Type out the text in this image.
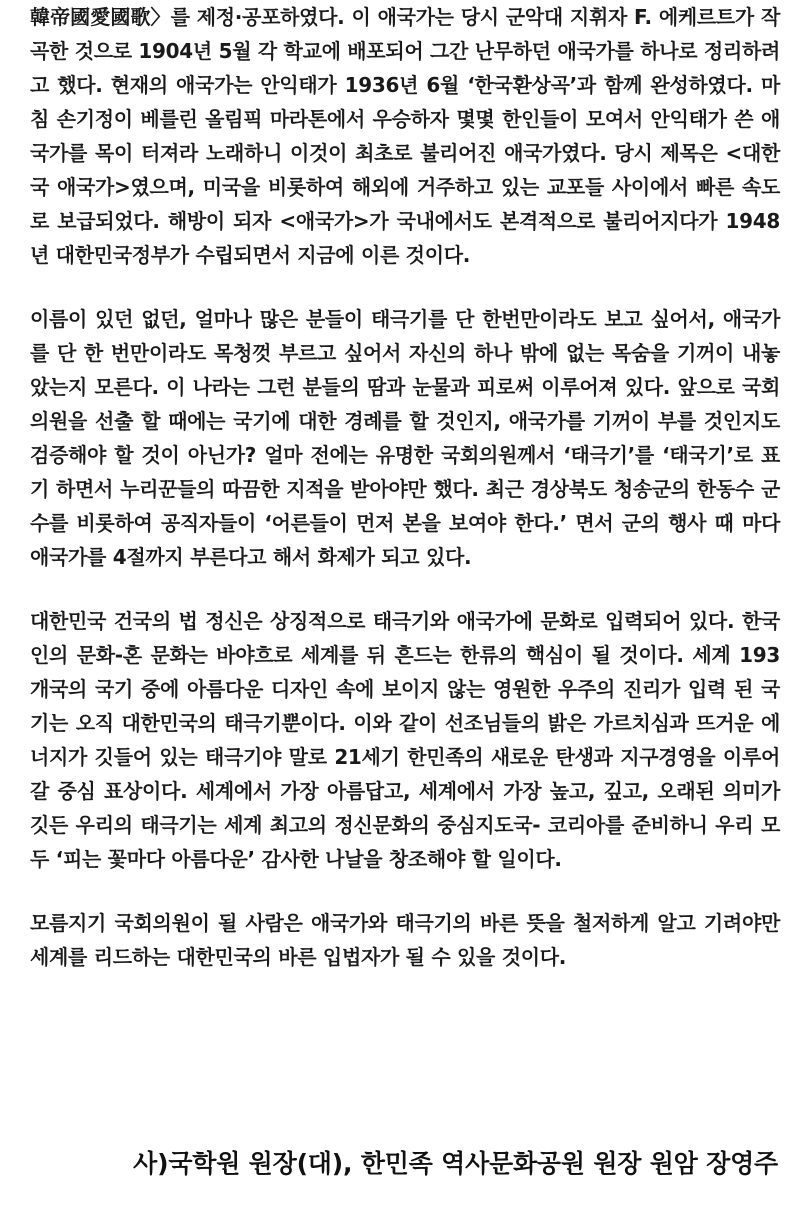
韓帝國愛國歌〉를 제정·공포하였다. 이 애국가는 당시 군악대 지휘자 F. 에케르트가 작곡한 것으로 1904년 5월 각 학교에 배포되어 그간 난무하던 애국가를 하나로 정리하려고 했다. 현재의 애국가는 안익태가 1936년 6월 ‘한국환상곡’과 함께 완성하였다. 마침 손기정이 베를린 올림픽 마라톤에서 우승하자 몇몇 한인들이 모여서 안익태가 쓴 애국가를 목이 터져라 노래하니 이것이 최초로 불리어진 애국가였다. 당시 제목은 <대한국 애국가>였으며, 미국을 비롯하여 해외에 거주하고 있는 교포들 사이에서 빠른 속도로 보급되었다. 해방이 되자 <애국가>가 국내에서도 본격적으로 불리어지다가 1948년 대한민국정부가 수립되면서 지금에 이른 것이다.

이름이 있던 없던, 얼마나 많은 분들이 태극기를 단 한번만이라도 보고 싶어서, 애국가를 단 한 번만이라도 목청껏 부르고 싶어서 자신의 하나 밖에 없는 목숨을 기꺼이 내놓았는지 모른다. 이 나라는 그런 분들의 땀과 눈물과 피로써 이루어져 있다. 앞으로 국회의원을 선출 할 때에는 국기에 대한 경례를 할 것인지, 애국가를 기꺼이 부를 것인지도 검증해야 할 것이 아닌가? 얼마 전에는 유명한 국회의원께서 ‘태극기’를 ‘태국기’로 표기 하면서 누리꾼들의 따끔한 지적을 받아야만 했다. 최근 경상북도 청송군의 한동수 군수를 비롯하여 공직자들이 ‘어른들이 먼저 본을 보여야 한다.’ 면서 군의 행사 때 마다 애국가를 4절까지 부른다고 해서 화제가 되고 있다.

대한민국 건국의 법 정신은 상징적으로 태극기와 애국가에 문화로 입력되어 있다. 한국인의 문화-혼 문화는 바야흐로 세계를 뒤 흔드는 한류의 핵심이 될 것이다. 세계 193 개국의 국기 중에 아름다운 디자인 속에 보이지 않는 영원한 우주의 진리가 입력 된 국기는 오직 대한민국의 태극기뿐이다. 이와 같이 선조님들의 밝은 가르치심과 뜨거운 에너지가 깃들어 있는 태극기야 말로 21세기 한민족의 새로운 탄생과 지구경영을 이루어 갈 중심 표상이다. 세계에서 가장 아름답고, 세계에서 가장 높고, 깊고, 오래된 의미가 깃든 우리의 태극기는 세계 최고의 정신문화의 중심지도국- 코리아를 준비하니 우리 모두 ‘피는 꽃마다 아름다운’ 감사한 나날을 창조해야 할 일이다.

모름지기 국회의원이 될 사람은 애국가와 태극기의 바른 뜻을 철저하게 알고 기려야만 세계를 리드하는 대한민국의 바른 입법자가 될 수 있을 것이다.

사)국학원 원장(대), 한민족 역사문화공원 원장 원암 장영주
